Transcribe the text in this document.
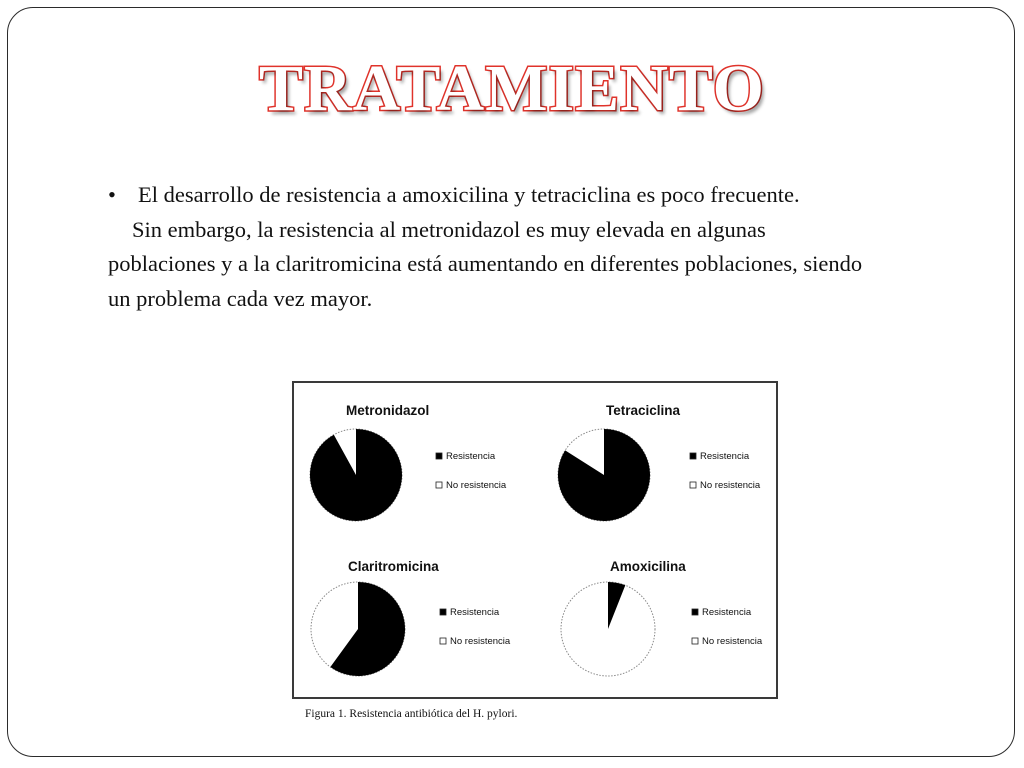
TRATAMIENTO
• El desarrollo de resistencia a amoxicilina y tetraciclina es poco frecuente.
Sin embargo, la resistencia al metronidazol es muy elevada en algunas
poblaciones y a la claritromicina está aumentando en diferentes poblaciones, siendo
un problema cada vez mayor.
Metronidazol
Resistencia
No resistencia
Tetraciclina
Resistencia
No resistencia
Claritromicina
Resistencia
No resistencia
Amoxicilina
Resistencia
No resistencia
Figura 1. Resistencia antibiótica del H. pylori.
